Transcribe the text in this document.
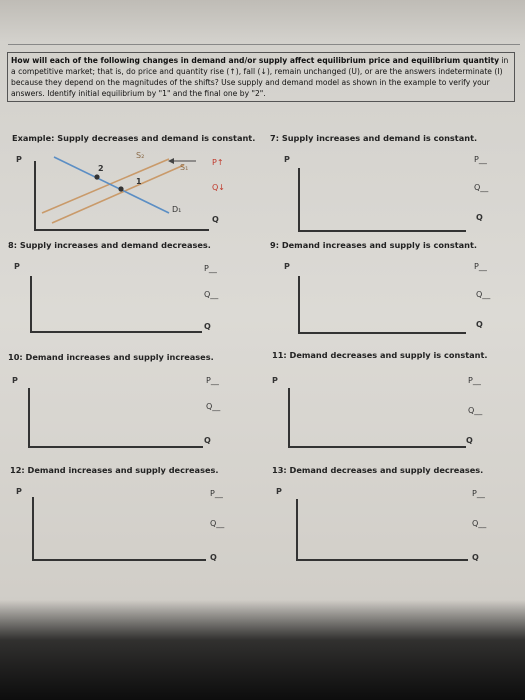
How will each of the following changes in demand and/or supply affect equilibrium price and equilibrium quantity in a competitive market; that is, do price and quantity rise (↑), fall (↓), remain unchanged (U), or are the answers indeterminate (I) because they depend on the magnitudes of the shifts? Use supply and demand model as shown in the example to verify your answers. Identify initial equilibrium by "1" and the final one by "2".
Example: Supply decreases and demand is constant.
P	S₂
S₁
D₁
2
1
P↑
Q↓
Q
7: Supply increases and demand is constant.
P	P__
Q__
Q
8: Supply increases and demand decreases.
P	P__
Q__
Q
9: Demand increases and supply is constant.
P	P__
Q__
Q
10: Demand increases and supply increases.
P	P__
Q__
Q
11: Demand decreases and supply is constant.
P	P__
Q__
Q
12: Demand increases and supply decreases.
P	P__
Q__
Q
13: Demand decreases and supply decreases.
P	P__
Q__
Q
